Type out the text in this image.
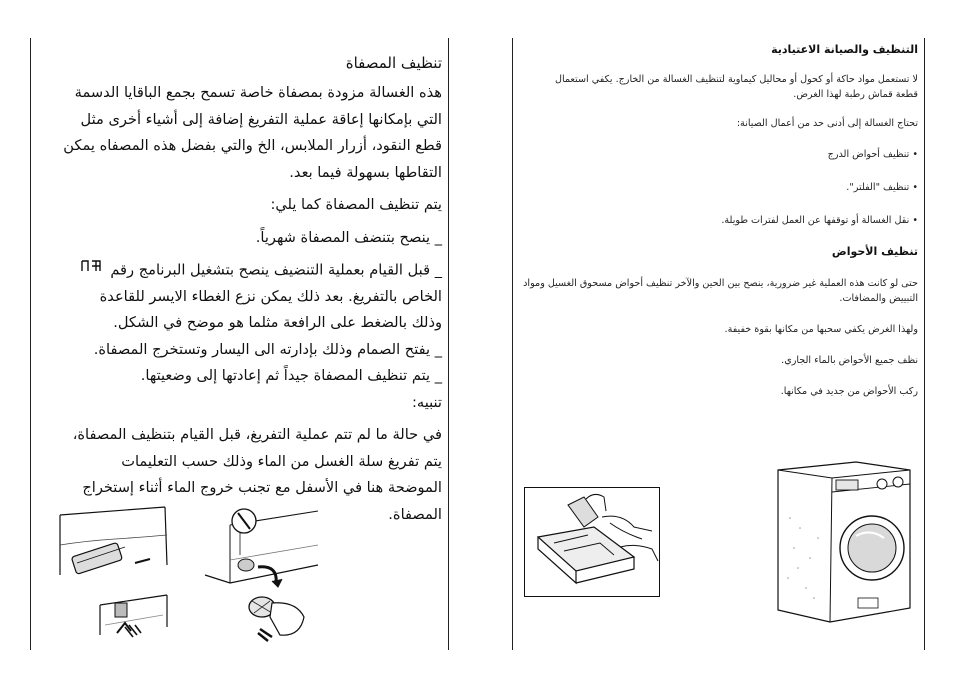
تنظيف المصفاة
هذه الغسالة مزودة بمصفاة خاصة تسمح بجمع الباقايا الدسمة
التي بإمكانها إعاقة عملية التفريغ إضافة إلى أشياء أخرى مثل
قطع النقود، أزرار الملابس، الخ والتي بفضل هذه المصفاه يمكن
التقاطها بسهولة فيما بعد.
يتم تنظيف المصفاة كما يلي:
_ ينصح بتنضف المصفاة شهرياً.
_ قبل القيام بعملية التنضيف ينصح بتشغيل البرنامج رقم
الخاص بالتفريغ. بعد ذلك يمكن نزع الغطاء الايسر للقاعدة
وذلك بالضغط على الرافعة مثلما هو موضح في الشكل.
_ يفتح الصمام وذلك بإدارته الى اليسار وتستخرج المصفاة.
_ يتم تنظيف المصفاة جيداً ثم إعادتها إلى وضعيتها.
تنبيه:
في حالة ما لم تتم عملية التفريغ، قبل القيام بتنظيف المصفاة،
يتم تفريغ سلة الغسل من الماء وذلك حسب التعليمات
الموضحة هنا في الأسفل مع تجنب خروج الماء أثناء إستخراج
المصفاة.
التنظيف والصيانة الاعتيادية
لا تستعمل مواد حاكة أو كحول أو محاليل كيماوية لتنظيف الغسالة من الخارج. يكفي استعمال قطعة قماش رطبة لهذا الغرض.
تحتاج الغسالة إلى أدنى حد من أعمال الصيانة:
• تنظيف أحواض الدرج
• تنظيف "الفلتر".
• نقل الغسالة أو توقفها عن العمل لفترات طويلة.
تنظيف الأحواض
حتى لو كانت هذه العملية غير ضرورية، ينصح بين الحين والآخر تنظيف أحواض مسحوق الغسيل ومواد التبييض والمضافات.
ولهذا الغرض يكفي سحبها من مكانها بقوة خفيفة.
نظف جميع الأحواض بالماء الجاري.
ركب الأحواض من جديد في مكانها.
